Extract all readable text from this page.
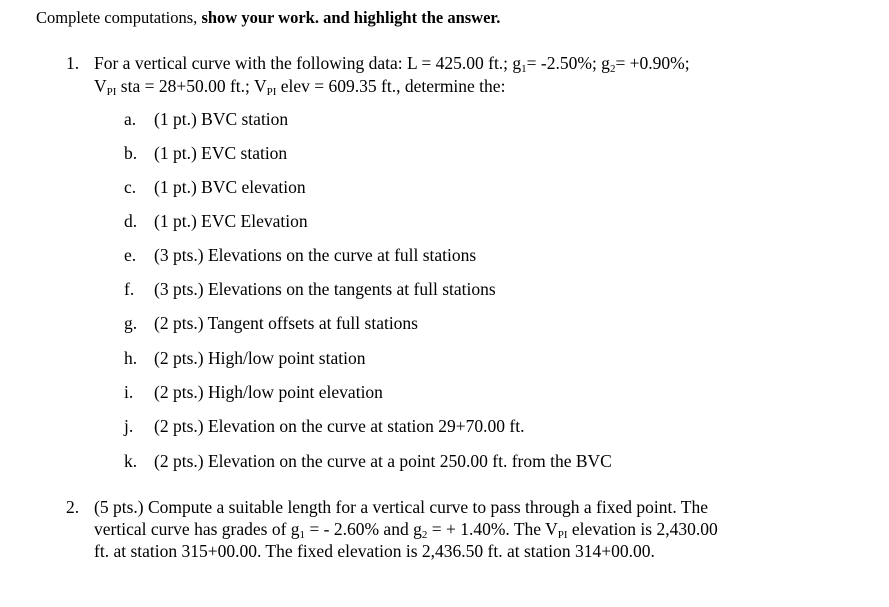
Complete computations, show your work. and highlight the answer.
1. For a vertical curve with the following data: L = 425.00 ft.; $g_1= -2.50\%$; $g_2= +0.90\%$;
$V_{PI}$ sta = 28+50.00 ft.; $V_{PI}$ elev = 609.35 ft., determine the:
a. (1 pt.) BVC station
b. (1 pt.) EVC station
c. (1 pt.) BVC elevation
d. (1 pt.) EVC Elevation
e. (3 pts.) Elevations on the curve at full stations
f. (3 pts.) Elevations on the tangents at full stations
g. (2 pts.) Tangent offsets at full stations
h. (2 pts.) High/low point station
i. (2 pts.) High/low point elevation
j. (2 pts.) Elevation on the curve at station 29+70.00 ft.
k. (2 pts.) Elevation on the curve at a point 250.00 ft. from the BVC
2. (5 pts.) Compute a suitable length for a vertical curve to pass through a fixed point. The
vertical curve has grades of $g_1$ = - 2.60% and $g_2$ = + 1.40%. The $V_{PI}$ elevation is 2,430.00
ft. at station 315+00.00. The fixed elevation is 2,436.50 ft. at station 314+00.00.
